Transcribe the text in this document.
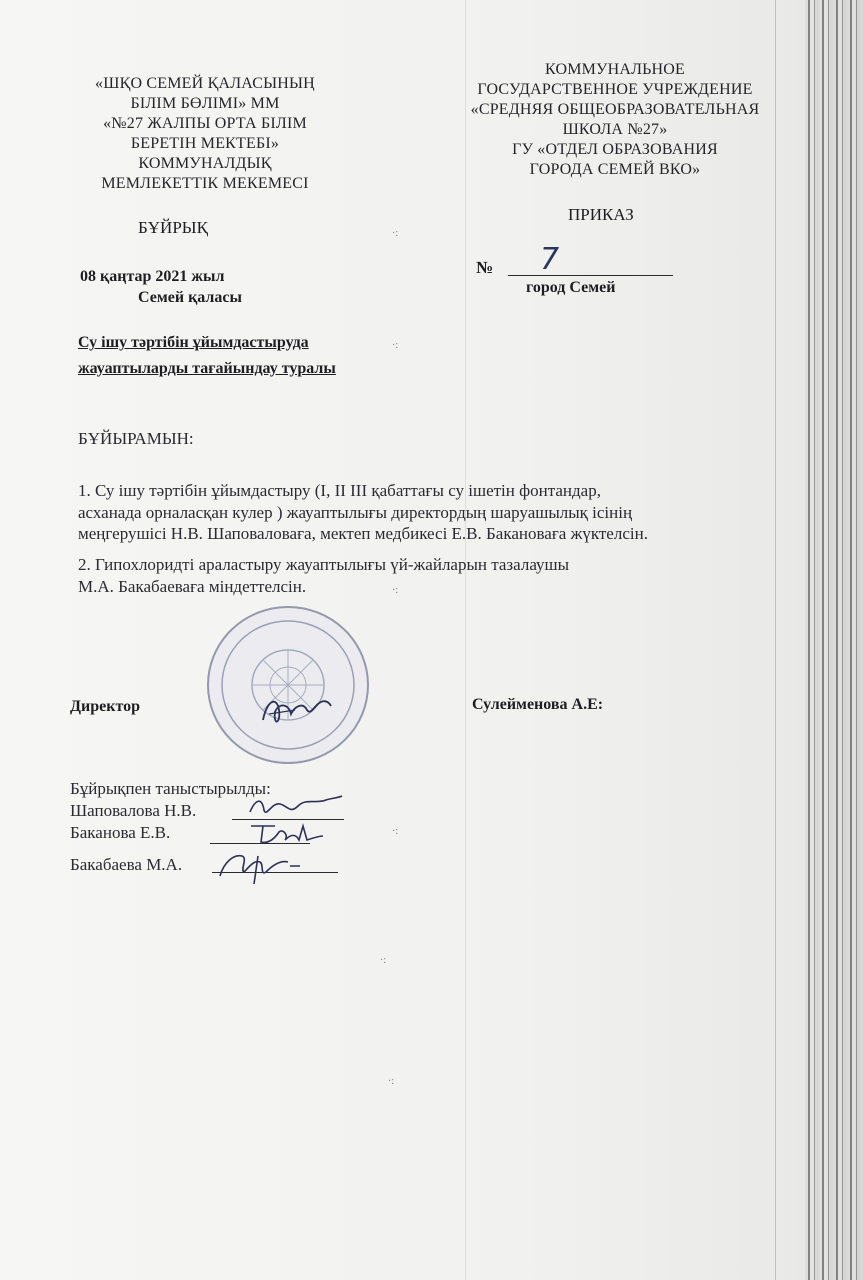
«ШҚО СЕМЕЙ ҚАЛАСЫНЫҢ
БІЛІМ БӨЛІМІ» ММ
«№27 ЖАЛПЫ ОРТА БІЛІМ
БЕРЕТІН МЕКТЕБІ»
КОММУНАЛДЫҚ
МЕМЛЕКЕТТІК МЕКЕМЕСІ
КОММУНАЛЬНОЕ
ГОСУДАРСТВЕННОЕ УЧРЕЖДЕНИЕ
«СРЕДНЯЯ ОБЩЕОБРАЗОВАТЕЛЬНАЯ
ШКОЛА №27»
ГУ «ОТДЕЛ ОБРАЗОВАНИЯ
ГОРОДА СЕМЕЙ ВКО»
БҰЙРЫҚ
ПРИКАЗ
08 қаңтар 2021 жыл
Семей қаласы
№ 7
город Семей
Су ішу тәртібін ұйымдастыруда
жауаптыларды тағайындау туралы
БҰЙЫРАМЫН:
1. Су ішу тәртібін ұйымдастыру (І, ІІ ІІІ қабаттағы су ішетін фонтандар,
асханада орналасқан кулер ) жауаптылығы директордың шаруашылық ісінің
меңгерушісі Н.В. Шаповаловаға, мектеп медбикесі Е.В. Бакановаға жүктелсін.
2. Гипохлоридті араластыру жауаптылығы үй-жайларын тазалаушы
М.А. Бакабаеваға міндеттелсін.
Директор	Сулейменова А.Е:
Бұйрықпен таныстырылды:
Шаповалова Н.В.
Баканова Е.В.
Бакабаева М.А.
·:
·:
·:
·:
·:
·:
